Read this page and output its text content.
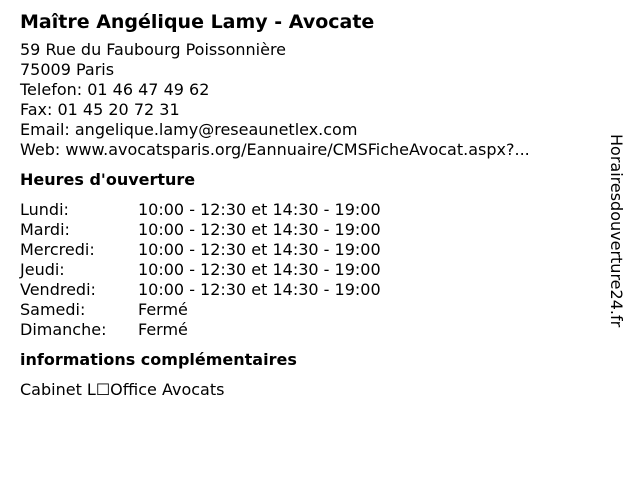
Maître Angélique Lamy - Avocate
59 Rue du Faubourg Poissonnière
75009 Paris
Telefon: 01 46 47 49 62
Fax: 01 45 20 72 31
Email: angelique.lamy@reseaunetlex.com
Web: www.avocatsparis.org/Eannuaire/CMSFicheAvocat.aspx?...
Heures d'ouverture
Lundi:	10:00 - 12:30 et 14:30 - 19:00
Mardi:	10:00 - 12:30 et 14:30 - 19:00
Mercredi:	10:00 - 12:30 et 14:30 - 19:00
Jeudi:	10:00 - 12:30 et 14:30 - 19:00
Vendredi:	10:00 - 12:30 et 14:30 - 19:00
Samedi:	Fermé
Dimanche:	Fermé
informations complémentaires
Cabinet L☐Office Avocats
Horairesdouverture24.fr
